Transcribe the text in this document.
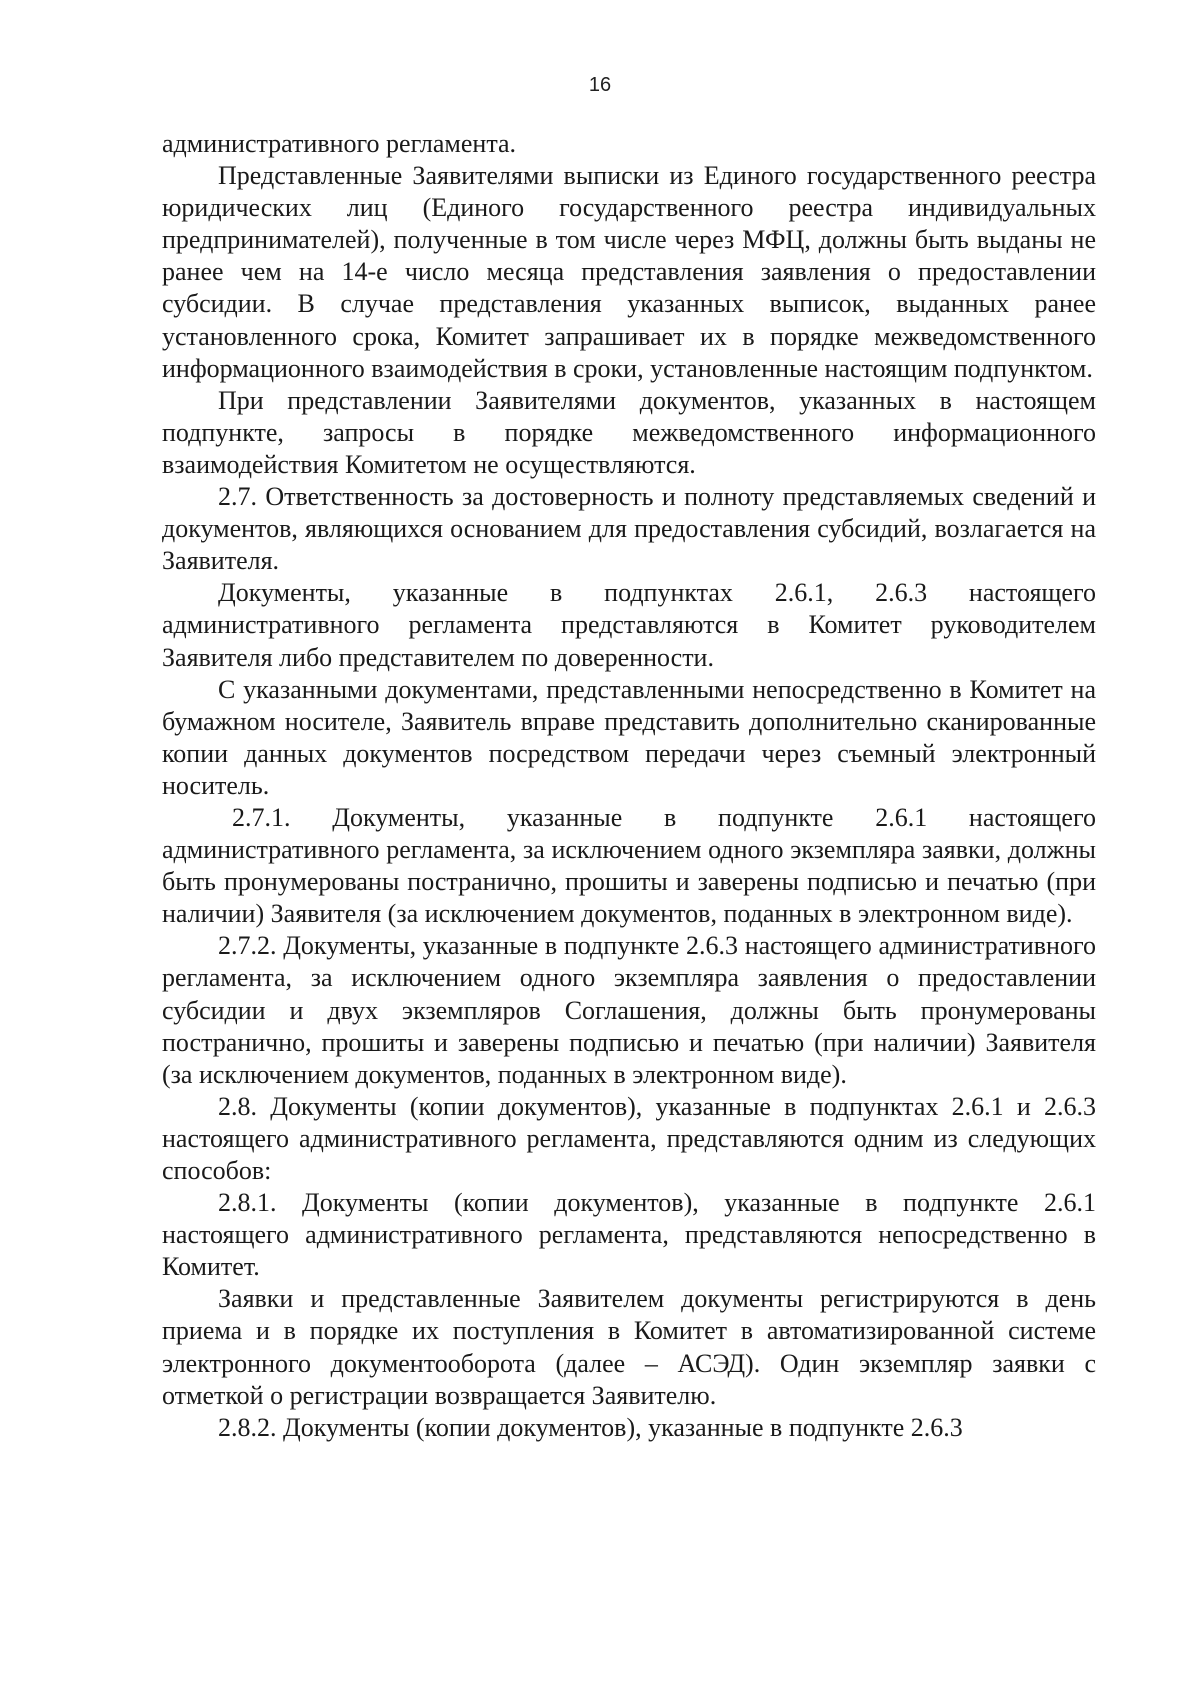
16

административного регламента.

Представленные Заявителями выписки из Единого государственного реестра юридических лиц (Единого государственного реестра индивидуальных предпринимателей), полученные в том числе через МФЦ, должны быть выданы не ранее чем на 14-е число месяца представления заявления о предоставлении субсидии. В случае представления указанных выписок, выданных ранее установленного срока, Комитет запрашивает их в порядке межведомственного информационного взаимодействия в сроки, установленные настоящим подпунктом.

При представлении Заявителями документов, указанных в настоящем подпункте, запросы в порядке межведомственного информационного взаимодействия Комитетом не осуществляются.

2.7. Ответственность за достоверность и полноту представляемых сведений и документов, являющихся основанием для предоставления субсидий, возлагается на Заявителя.

Документы, указанные в подпунктах 2.6.1, 2.6.3 настоящего административного регламента представляются в Комитет руководителем Заявителя либо представителем по доверенности.

С указанными документами, представленными непосредственно в Комитет на бумажном носителе, Заявитель вправе представить дополнительно сканированные копии данных документов посредством передачи через съемный электронный носитель.

2.7.1. Документы, указанные в подпункте 2.6.1 настоящего административного регламента, за исключением одного экземпляра заявки, должны быть пронумерованы постранично, прошиты и заверены подписью и печатью (при наличии) Заявителя (за исключением документов, поданных в электронном виде).

2.7.2. Документы, указанные в подпункте 2.6.3 настоящего административного регламента, за исключением одного экземпляра заявления о предоставлении субсидии и двух экземпляров Соглашения, должны быть пронумерованы постранично, прошиты и заверены подписью и печатью (при наличии) Заявителя (за исключением документов, поданных в электронном виде).

2.8. Документы (копии документов), указанные в подпунктах 2.6.1 и 2.6.3 настоящего административного регламента, представляются одним из следующих способов:

2.8.1. Документы (копии документов), указанные в подпункте 2.6.1 настоящего административного регламента, представляются непосредственно в Комитет.

Заявки и представленные Заявителем документы регистрируются в день приема и в порядке их поступления в Комитет в автоматизированной системе электронного документооборота (далее – АСЭД). Один экземпляр заявки с отметкой о регистрации возвращается Заявителю.

2.8.2. Документы (копии документов), указанные в подпункте 2.6.3
